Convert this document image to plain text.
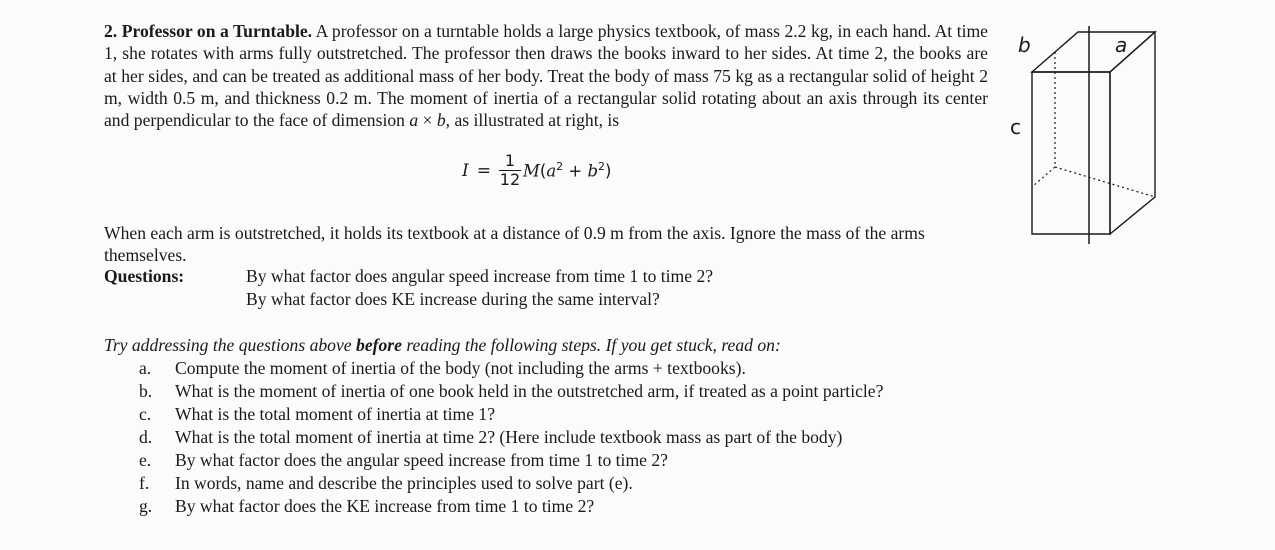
2. Professor on a Turntable. A professor on a turntable holds a large physics textbook, of mass 2.2 kg, in each hand. At time 1, she rotates with arms fully outstretched. The professor then draws the books inward to her sides. At time 2, the books are at her sides, and can be treated as additional mass of her body. Treat the body of mass 75 kg as a rectangular solid of height 2 m, width 0.5 m, and thickness 0.2 m. The moment of inertia of a rectangular solid rotating about an axis through its center and perpendicular to the face of dimension a × b, as illustrated at right, is
$I = \frac{1}{12} M(a^2 + b^2)$
When each arm is outstretched, it holds its textbook at a distance of 0.9 m from the axis. Ignore the mass of the arms themselves.
Questions:	By what factor does angular speed increase from time 1 to time 2?
By what factor does KE increase during the same interval?
Try addressing the questions above before reading the following steps. If you get stuck, read on:
a.	Compute the moment of inertia of the body (not including the arms + textbooks).
b.	What is the moment of inertia of one book held in the outstretched arm, if treated as a point particle?
c.	What is the total moment of inertia at time 1?
d.	What is the total moment of inertia at time 2? (Here include textbook mass as part of the body)
e.	By what factor does the angular speed increase from time 1 to time 2?
f.	In words, name and describe the principles used to solve part (e).
g.	By what factor does the KE increase from time 1 to time 2?
b	a
c
